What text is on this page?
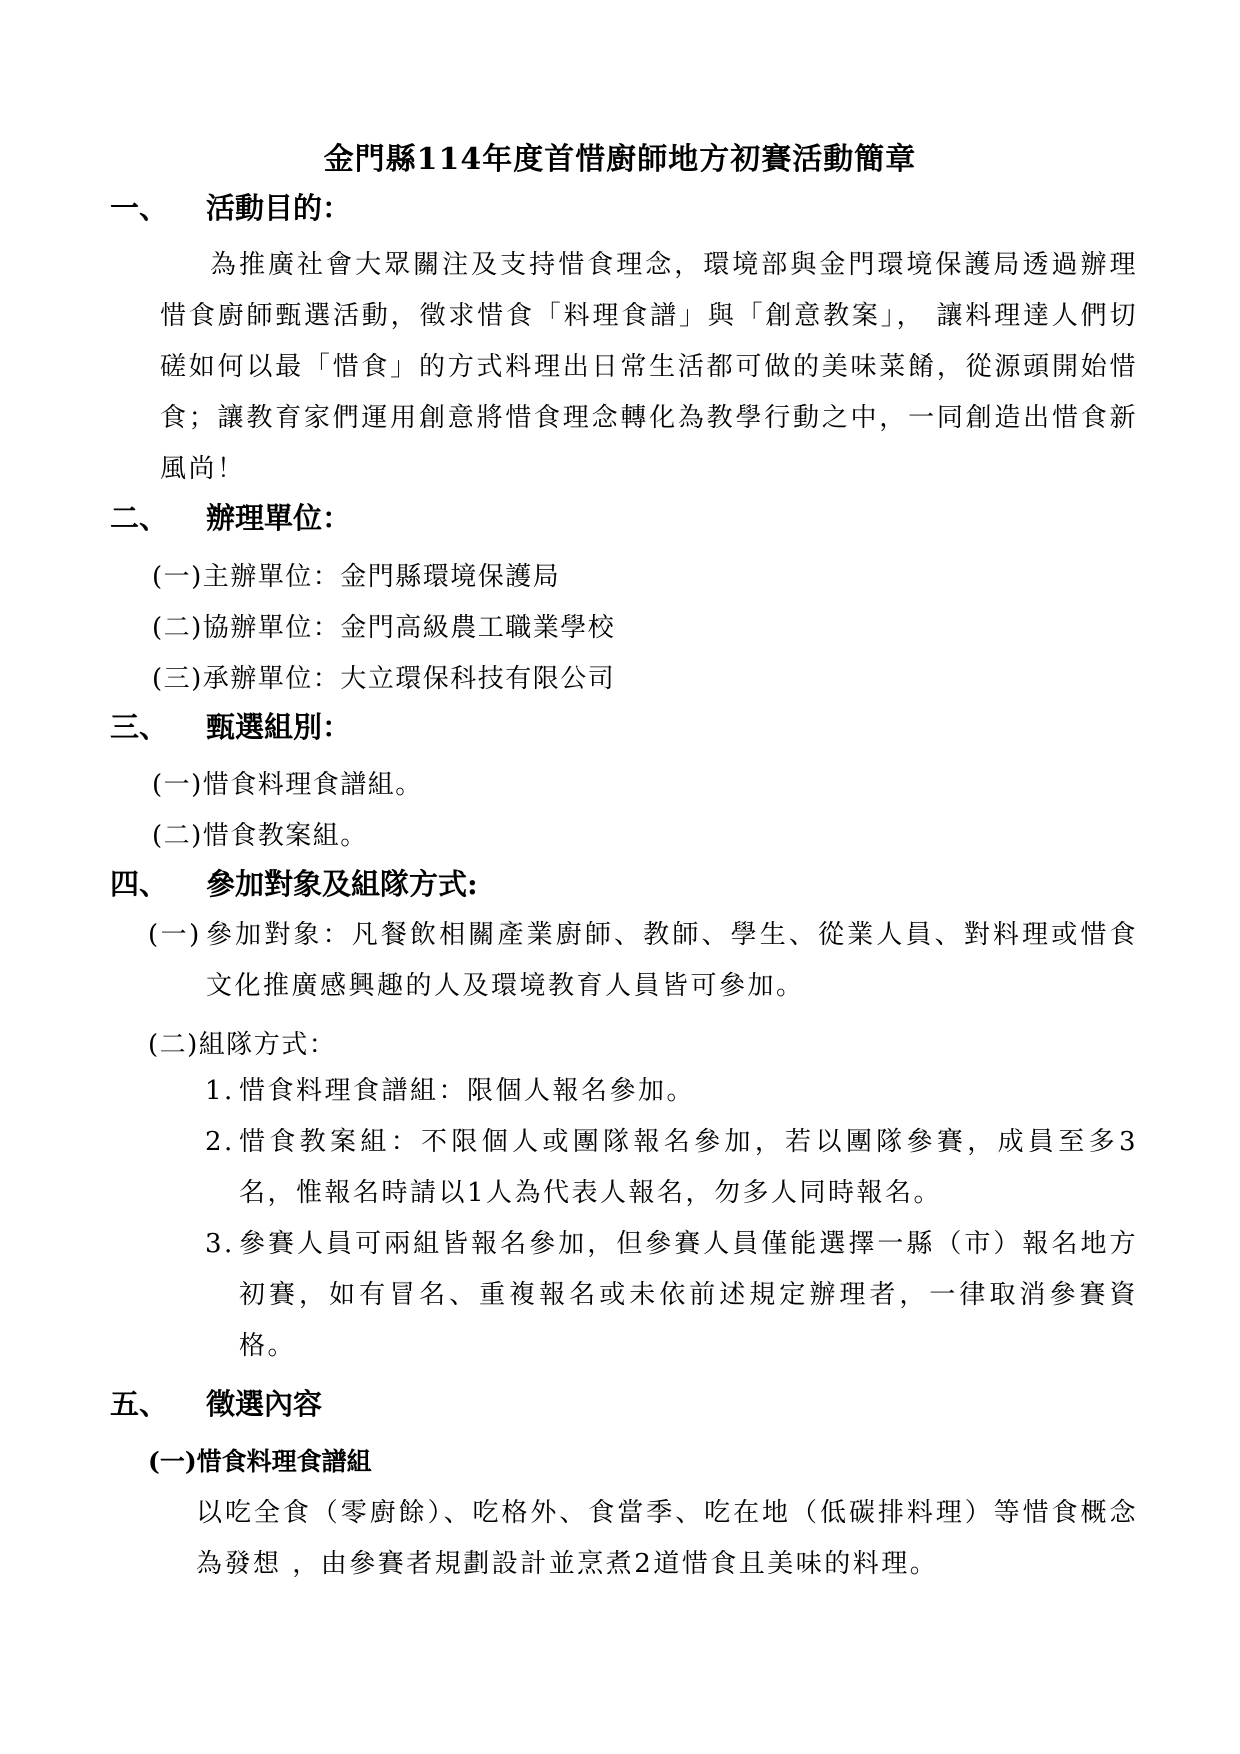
金門縣114年度首惜廚師地方初賽活動簡章
一、 活動目的：
為推廣社會大眾關注及支持惜食理念，環境部與金門環境保護局透過辦理惜食廚師甄選活動，徵求惜食「料理食譜」與「創意教案」， 讓料理達人們切磋如何以最「惜食」的方式料理出日常生活都可做的美味菜餚，從源頭開始惜食；讓教育家們運用創意將惜食理念轉化為教學行動之中，一同創造出惜食新風尚！
二、 辦理單位：
(一)主辦單位：金門縣環境保護局
(二)協辦單位：金門高級農工職業學校
(三)承辦單位：大立環保科技有限公司
三、 甄選組別：
(一)惜食料理食譜組。
(二)惜食教案組。
四、 參加對象及組隊方式:
(一) 參加對象：凡餐飲相關產業廚師、教師、學生、從業人員、對料理或惜食文化推廣感興趣的人及環境教育人員皆可參加。
(二)組隊方式：
1. 惜食料理食譜組：限個人報名參加。
2. 惜食教案組：不限個人或團隊報名參加，若以團隊參賽，成員至多3名，惟報名時請以1人為代表人報名，勿多人同時報名。
3. 參賽人員可兩組皆報名參加，但參賽人員僅能選擇一縣（市）報名地方初賽，如有冒名、重複報名或未依前述規定辦理者，一律取消參賽資格。
五、 徵選內容
(一)惜食料理食譜組
以吃全食（零廚餘）、吃格外、食當季、吃在地（低碳排料理）等惜食概念 為發想 ，由參賽者規劃設計並烹煮2道惜食且美味的料理。
